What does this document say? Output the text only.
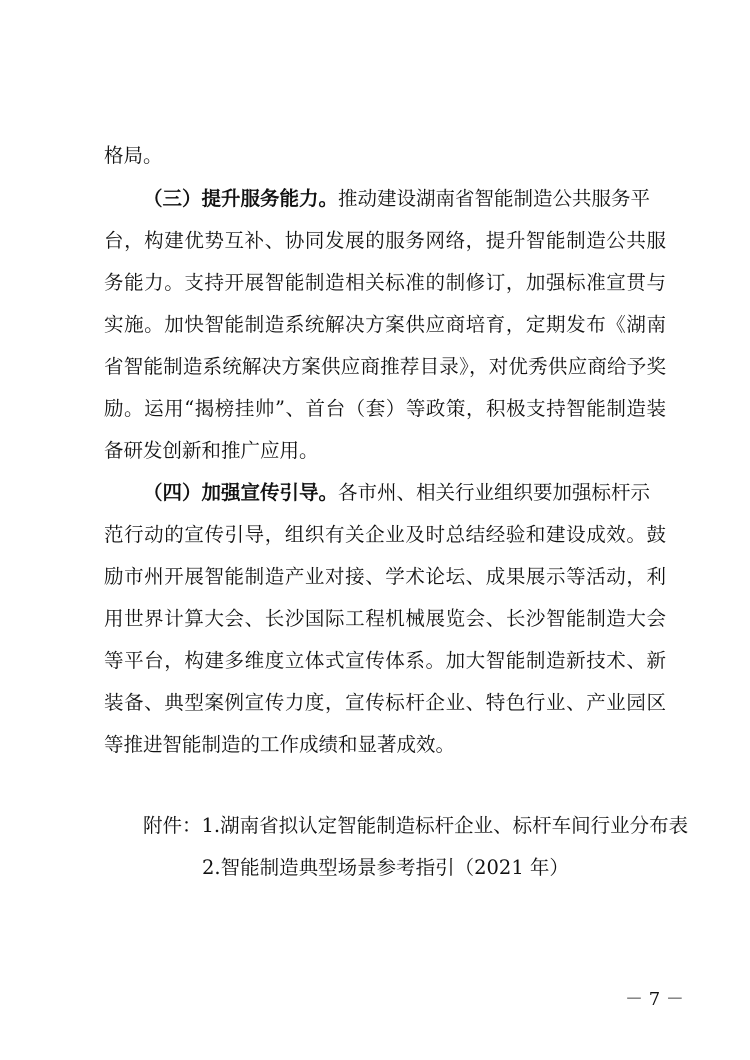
格局。
（三）提升服务能力。推动建设湖南省智能制造公共服务平
台，构建优势互补、协同发展的服务网络，提升智能制造公共服
务能力。支持开展智能制造相关标准的制修订，加强标准宣贯与
实施。加快智能制造系统解决方案供应商培育，定期发布《湖南
省智能制造系统解决方案供应商推荐目录》，对优秀供应商给予奖
励。运用“揭榜挂帅”、首台（套）等政策，积极支持智能制造装
备研发创新和推广应用。
（四）加强宣传引导。各市州、相关行业组织要加强标杆示
范行动的宣传引导，组织有关企业及时总结经验和建设成效。鼓
励市州开展智能制造产业对接、学术论坛、成果展示等活动，利
用世界计算大会、长沙国际工程机械展览会、长沙智能制造大会
等平台，构建多维度立体式宣传体系。加大智能制造新技术、新
装备、典型案例宣传力度，宣传标杆企业、特色行业、产业园区
等推进智能制造的工作成绩和显著成效。
附件：1.湖南省拟认定智能制造标杆企业、标杆车间行业分布表
2.智能制造典型场景参考指引（2021 年）
－ 7 －
